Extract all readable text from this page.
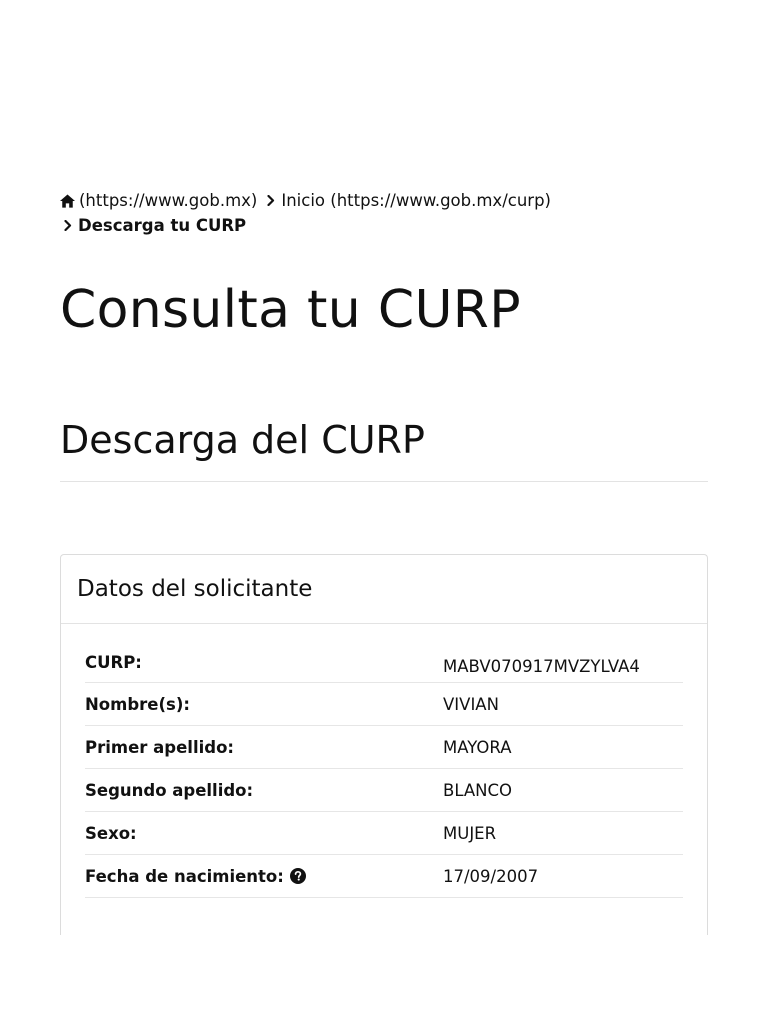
(https://www.gob.mx) Inicio
(https://www.gob.mx/curp)
Descarga tu CURP
Consulta tu CURP
Descarga del CURP
Datos del solicitante
CURP:	MABV070917MVZYLVA4
Nombre(s):	VIVIAN
Primer apellido:	MAYORA
Segundo apellido:	BLANCO
Sexo:	MUJER
Fecha de nacimiento:	17/09/2007
